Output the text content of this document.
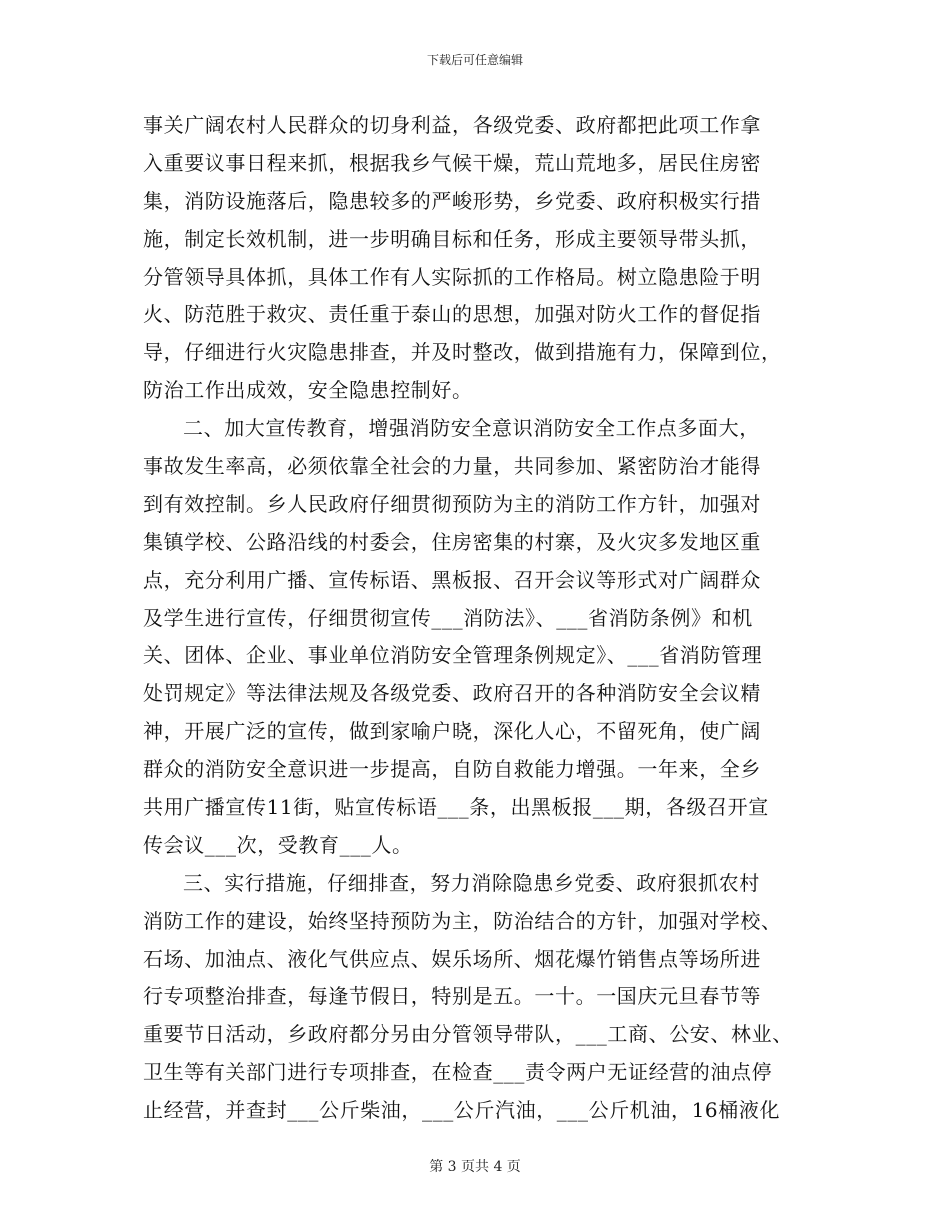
下载后可任意编辑
事关广阔农村人民群众的切身利益，各级党委、政府都把此项工作拿
入重要议事日程来抓，根据我乡气候干燥，荒山荒地多，居民住房密
集，消防设施落后，隐患较多的严峻形势，乡党委、政府积极实行措
施，制定长效机制，进一步明确目标和任务，形成主要领导带头抓，
分管领导具体抓，具体工作有人实际抓的工作格局。树立隐患险于明
火、防范胜于救灾、责任重于泰山的思想，加强对防火工作的督促指
导，仔细进行火灾隐患排查，并及时整改，做到措施有力，保障到位，
防治工作出成效，安全隐患控制好。
二、加大宣传教育，增强消防安全意识消防安全工作点多面大，
事故发生率高，必须依靠全社会的力量，共同参加、紧密防治才能得
到有效控制。乡人民政府仔细贯彻预防为主的消防工作方针，加强对
集镇学校、公路沿线的村委会，住房密集的村寨，及火灾多发地区重
点，充分利用广播、宣传标语、黑板报、召开会议等形式对广阔群众
及学生进行宣传，仔细贯彻宣传___消防法》、___省消防条例》和机
关、团体、企业、事业单位消防安全管理条例规定》、___省消防管理
处罚规定》等法律法规及各级党委、政府召开的各种消防安全会议精
神，开展广泛的宣传，做到家喻户晓，深化人心，不留死角，使广阔
群众的消防安全意识进一步提高，自防自救能力增强。一年来，全乡
共用广播宣传11街，贴宣传标语___条，出黑板报___期，各级召开宣
传会议___次，受教育___人。
三、实行措施，仔细排查，努力消除隐患乡党委、政府狠抓农村
消防工作的建设，始终坚持预防为主，防治结合的方针，加强对学校、
石场、加油点、液化气供应点、娱乐场所、烟花爆竹销售点等场所进
行专项整治排查，每逢节假日，特别是五。一十。一国庆元旦春节等
重要节日活动，乡政府都分另由分管领导带队，___工商、公安、林业、
卫生等有关部门进行专项排查，在检查___责令两户无证经营的油点停
止经营，并查封___公斤柴油，___公斤汽油，___公斤机油，16桶液化
第 3 页共 4 页
